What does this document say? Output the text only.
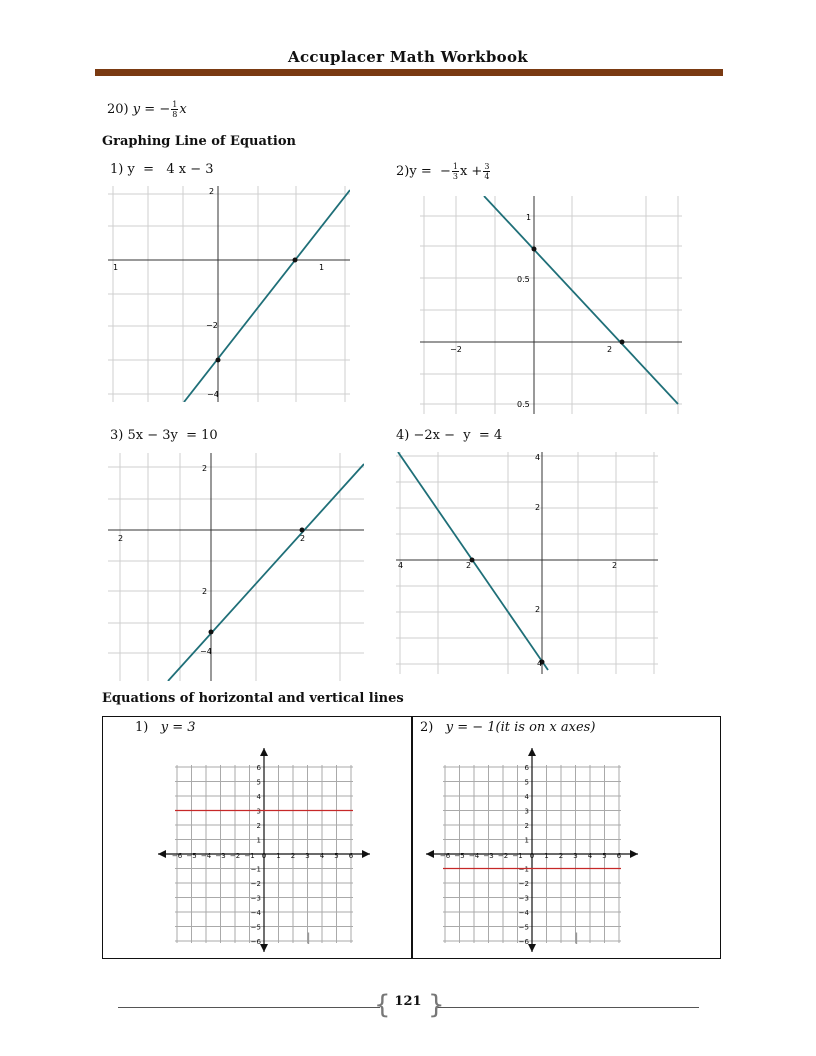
Accuplacer Math Workbook
20) y = − $\frac{1}{8}$ x
Graphing Line of Equation
1) y  =   4 x − 3	2)y =  − $\frac{1}{3}$ $x + \frac{3}{4}$
1	1
2
−2
−4
−2	2
1
0.5
0.5
3) 5x − 3y  = 10	4) −2x −  y  = 4
2	2
2
2
−4
4	2	2
4
2
2
4
Equations of horizontal and vertical lines
1) y = 3	2) y = − 1(it is on x axes)
−6 −5 −4 −3 −2 −1 0 1 2 3 4 5 6
6
5
4
3
2
1
−1
−2
−3
−4
−5
−6	I
−6 −5 −4 −3 −2 −1 0 1 2 3 4 5 6
6
5
4
3
2
1
−1
−2
−3
−4
−5
−6	I
{ }
121
